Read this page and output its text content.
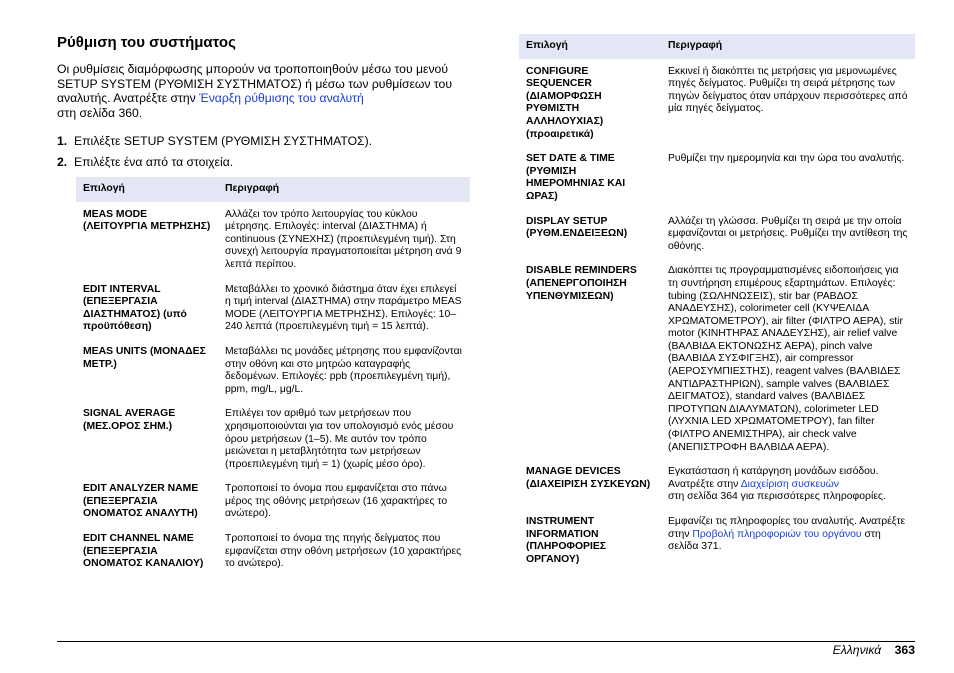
Ρύθμιση του συστήματος
Οι ρυθμίσεις διαμόρφωσης μπορούν να τροποποιηθούν μέσω του μενού SETUP SYSTEM (ΡΥΘΜΙΣΗ ΣΥΣΤΗΜΑΤΟΣ) ή μέσω των ρυθμίσεων του αναλυτής. Ανατρέξτε στην Έναρξη ρύθμισης του αναλυτή
στη σελίδα 360.
1. Επιλέξτε SETUP SYSTEM (ΡΥΘΜΙΣΗ ΣΥΣΤΗΜΑΤΟΣ).
2. Επιλέξτε ένα από τα στοιχεία.
Επιλογή	Περιγραφή
MEAS MODE (ΛΕΙΤΟΥΡΓΙΑ ΜΕΤΡΗΣΗΣ)	Αλλάζει τον τρόπο λειτουργίας του κύκλου μέτρησης. Επιλογές: interval (ΔΙΑΣΤΗΜΑ) ή continuous (ΣΥΝΕΧΗΣ) (προεπιλεγμένη τιμή). Στη συνεχή λειτουργία πραγματοποιείται μέτρηση ανά 9 λεπτά περίπου.
EDIT INTERVAL (ΕΠΕΞΕΡΓΑΣΙΑ ΔΙΑΣΤΗΜΑΤΟΣ) (υπό προϋπόθεση)	Μεταβάλλει το χρονικό διάστημα όταν έχει επιλεγεί η τιμή interval (ΔΙΑΣΤΗΜΑ) στην παράμετρο MEAS MODE (ΛΕΙΤΟΥΡΓΙΑ ΜΕΤΡΗΣΗΣ). Επιλογές: 10–240 λεπτά (προεπιλεγμένη τιμή = 15 λεπτά).
MEAS UNITS (ΜΟΝΑΔΕΣ ΜΕΤΡ.)	Μεταβάλλει τις μονάδες μέτρησης που εμφανίζονται στην οθόνη και στο μητρώο καταγραφής δεδομένων. Επιλογές: ppb (προεπιλεγμένη τιμή), ppm, mg/L, μg/L.
SIGNAL AVERAGE (ΜΕΣ.ΟΡΟΣ ΣΗΜ.)	Επιλέγει τον αριθμό των μετρήσεων που χρησιμοποιούνται για τον υπολογισμό ενός μέσου όρου μετρήσεων (1–5). Με αυτόν τον τρόπο μειώνεται η μεταβλητότητα των μετρήσεων (προεπιλεγμένη τιμή = 1) (χωρίς μέσο όρο).
EDIT ANALYZER NAME (ΕΠΕΞΕΡΓΑΣΙΑ ΟΝΟΜΑΤΟΣ ΑΝΑΛΥΤΗ)	Τροποποιεί το όνομα που εμφανίζεται στο πάνω μέρος της οθόνης μετρήσεων (16 χαρακτήρες το ανώτερο).
EDIT CHANNEL NAME (ΕΠΕΞΕΡΓΑΣΙΑ ΟΝΟΜΑΤΟΣ ΚΑΝΑΛΙΟΥ)	Τροποποιεί το όνομα της πηγής δείγματος που εμφανίζεται στην οθόνη μετρήσεων (10 χαρακτήρες το ανώτερο).
Επιλογή	Περιγραφή
CONFIGURE SEQUENCER (ΔΙΑΜΟΡΦΩΣΗ ΡΥΘΜΙΣΤΗ ΑΛΛΗΛΟΥΧΙΑΣ) (προαιρετικά)	Εκκινεί ή διακόπτει τις μετρήσεις για μεμονωμένες πηγές δείγματος. Ρυθμίζει τη σειρά μέτρησης των πηγών δείγματος όταν υπάρχουν περισσότερες από μία πηγές δείγματος.
SET DATE & TIME (ΡΥΘΜΙΣΗ ΗΜΕΡΟΜΗΝΙΑΣ ΚΑΙ ΩΡΑΣ)	Ρυθμίζει την ημερομηνία και την ώρα του αναλυτής.
DISPLAY SETUP (ΡΥΘΜ.ΕΝΔΕΙΞΕΩΝ)	Αλλάζει τη γλώσσα. Ρυθμίζει τη σειρά με την οποία εμφανίζονται οι μετρήσεις. Ρυθμίζει την αντίθεση της οθόνης.
DISABLE REMINDERS (ΑΠΕΝΕΡΓΟΠΟΙΗΣΗ ΥΠΕΝΘΥΜΙΣΕΩΝ)	Διακόπτει τις προγραμματισμένες ειδοποιήσεις για τη συντήρηση επιμέρους εξαρτημάτων. Επιλογές: tubing (ΣΩΛΗΝΩΣΕΙΣ), stir bar (ΡΑΒΔΟΣ ΑΝΑΔΕΥΣΗΣ), colorimeter cell (ΚΥΨΕΛΙΔΑ ΧΡΩΜΑΤΟΜΕΤΡΟΥ), air filter (ΦΙΛΤΡΟ ΑΕΡΑ), stir motor (ΚΙΝΗΤΗΡΑΣ ΑΝΑΔΕΥΣΗΣ), air relief valve (ΒΑΛΒΙΔΑ ΕΚΤΟΝΩΣΗΣ ΑΕΡΑ), pinch valve (ΒΑΛΒΙΔΑ ΣΥΣΦΙΓΞΗΣ), air compressor (ΑΕΡΟΣΥΜΠΙΕΣΤΗΣ), reagent valves (ΒΑΛΒΙΔΕΣ ΑΝΤΙΔΡΑΣΤΗΡΙΩΝ), sample valves (ΒΑΛΒΙΔΕΣ ΔΕΙΓΜΑΤΟΣ), standard valves (ΒΑΛΒΙΔΕΣ ΠΡΟΤΥΠΩΝ ΔΙΑΛΥΜΑΤΩΝ), colorimeter LED (ΛΥΧΝΙΑ LED ΧΡΩΜΑΤΟΜΕΤΡΟΥ), fan filter (ΦΙΛΤΡΟ ΑΝΕΜΙΣΤΗΡΑ), air check valve (ΑΝΕΠΙΣΤΡΟΦΗ ΒΑΛΒΙΔΑ ΑΕΡΑ).
MANAGE DEVICES (ΔΙΑΧΕΙΡΙΣΗ ΣΥΣΚΕΥΩΝ)	Εγκατάσταση ή κατάργηση μονάδων εισόδου. Ανατρέξτε στην Διαχείριση συσκευών
στη σελίδα 364 για περισσότερες πληροφορίες.
INSTRUMENT INFORMATION (ΠΛΗΡΟΦΟΡΙΕΣ ΟΡΓΑΝΟΥ)	Εμφανίζει τις πληροφορίες του αναλυτής. Ανατρέξτε στην Προβολή πληροφοριών του οργάνου στη σελίδα 371.
Ελληνικά 363
